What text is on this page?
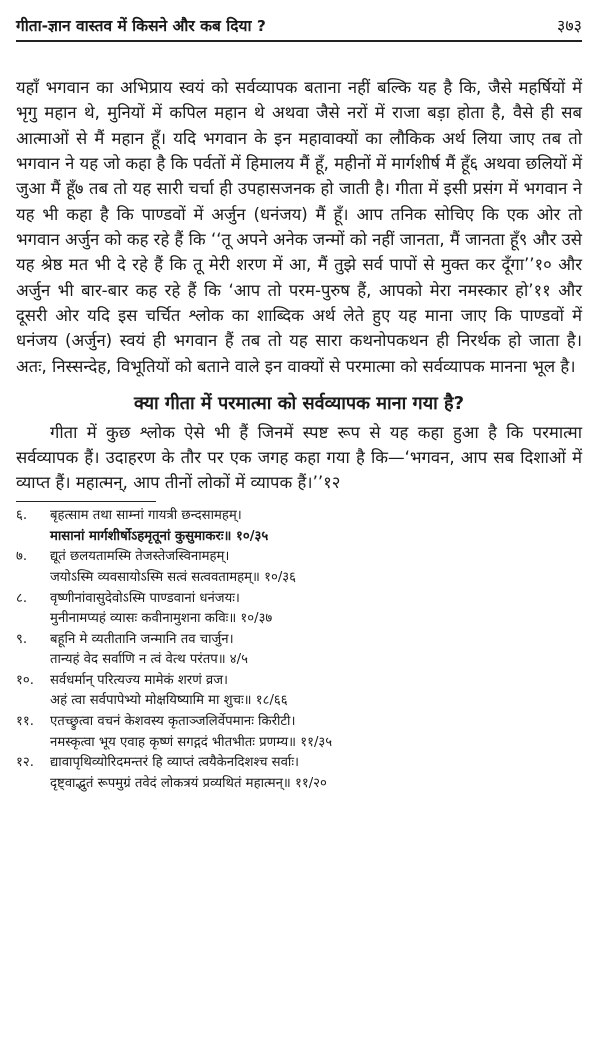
गीता-ज्ञान वास्तव में किसने और कब दिया ?	३७३

यहाँ भगवान का अभिप्राय स्वयं को सर्वव्यापक बताना नहीं बल्कि यह है कि, जैसे महर्षियों में भृगु महान थे, मुनियों में कपिल महान थे अथवा जैसे नरों में राजा बड़ा होता है, वैसे ही सब आत्माओं से मैं महान हूँ। यदि भगवान के इन महावाक्यों का लौकिक अर्थ लिया जाए तब तो भगवान ने यह जो कहा है कि पर्वतों में हिमालय मैं हूँ, महीनों में मार्गशीर्ष मैं हूँ६ अथवा छलियों में जुआ मैं हूँ७ तब तो यह सारी चर्चा ही उपहासजनक हो जाती है। गीता में इसी प्रसंग में भगवान ने यह भी कहा है कि पाण्डवों में अर्जुन (धनंजय) मैं हूँ। आप तनिक सोचिए कि एक ओर तो भगवान अर्जुन को कह रहे हैं कि ‘‘तू अपने अनेक जन्मों को नहीं जानता, मैं जानता हूँ९ और उसे यह श्रेष्ठ मत भी दे रहे हैं कि तू मेरी शरण में आ, मैं तुझे सर्व पापों से मुक्त कर दूँगा’’१० और अर्जुन भी बार-बार कह रहे हैं कि ‘आप तो परम-पुरुष हैं, आपको मेरा नमस्कार हो’११ और दूसरी ओर यदि इस चर्चित श्लोक का शाब्दिक अर्थ लेते हुए यह माना जाए कि पाण्डवों में धनंजय (अर्जुन) स्वयं ही भगवान हैं तब तो यह सारा कथनोपकथन ही निरर्थक हो जाता है। अतः, निस्सन्देह, विभूतियों को बताने वाले इन वाक्यों से परमात्मा को सर्वव्यापक मानना भूल है।

क्या गीता में परमात्मा को सर्वव्यापक माना गया है?

गीता में कुछ श्लोक ऐसे भी हैं जिनमें स्पष्ट रूप से यह कहा हुआ है कि परमात्मा सर्वव्यापक हैं। उदाहरण के तौर पर एक जगह कहा गया है कि—‘भगवन, आप सब दिशाओं में व्याप्त हैं। महात्मन्, आप तीनों लोकों में व्यापक हैं।’’१२

६.	बृहत्साम तथा साम्नां गायत्री छन्दसामहम्।
मासानां मार्गशीर्षोऽहमृतूनां कुसुमाकरः॥ १०/३५
७.	द्यूतं छलयतामस्मि तेजस्तेजस्विनामहम्।
जयोऽस्मि व्यवसायोऽस्मि सत्वं सत्ववतामहम्॥ १०/३६
८.	वृष्णीनांवासुदेवोऽस्मि पाण्डवानां धनंजयः।
मुनीनामप्यहं व्यासः कवीनामुशना कविः॥ १०/३७
९.	बहूनि मे व्यतीतानि जन्मानि तव चार्जुन।
तान्यहं वेद सर्वाणि न त्वं वेत्थ परंतप॥ ४/५
१०.	सर्वधर्मान् परित्यज्य मामेकं शरणं व्रज।
अहं त्वा सर्वपापेभ्यो मोक्षयिष्यामि मा शुचः॥ १८/६६
११.	एतच्छ्रुत्वा वचनं केशवस्य कृताञ्जलिर्वेपमानः किरीटी।
नमस्कृत्वा भूय एवाह कृष्णं सगद्गदं भीतभीतः प्रणम्य॥ ११/३५
१२.	द्यावापृथिव्योरिदमन्तरं हि व्याप्तं त्वयैकेनदिशश्च सर्वाः।
दृष्ट्वाद्भुतं रूपमुग्रं तवेदं लोकत्रयं प्रव्यथितं महात्मन्॥ ११/२०
